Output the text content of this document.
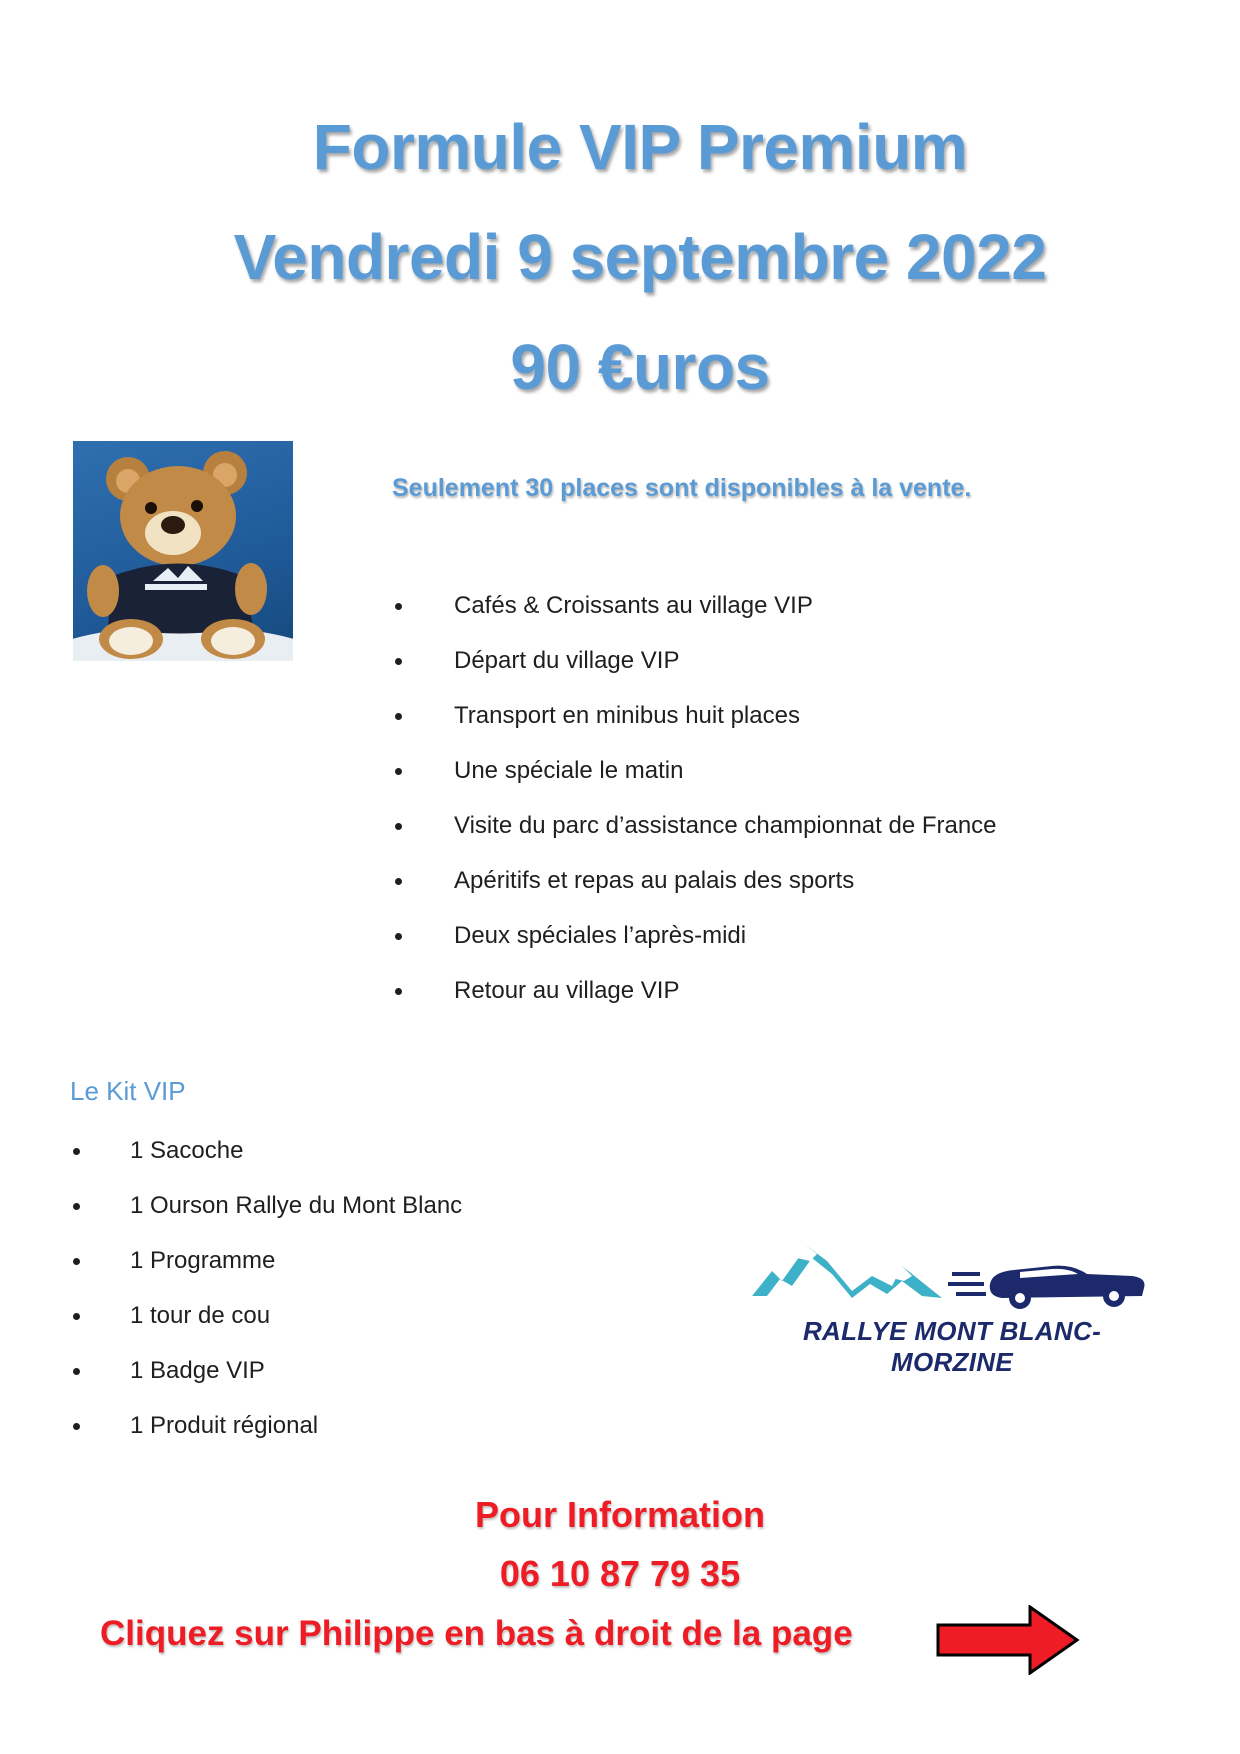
Formule VIP Premium
Vendredi 9 septembre 2022
90 €uros
Seulement 30 places sont disponibles à la vente.
Cafés & Croissants au village VIP
Départ du village VIP
Transport en minibus huit places
Une spéciale le matin
Visite du parc d’assistance championnat de France
Apéritifs et repas au palais des sports
Deux spéciales l’après-midi
Retour au village VIP
Le Kit VIP
1 Sacoche
1 Ourson Rallye du Mont Blanc
1 Programme
1 tour de cou
1 Badge VIP
1 Produit régional
RALLYE MONT BLANC-MORZINE
Pour Information
06 10 87 79 35
Cliquez sur Philippe en bas à droit de la page
